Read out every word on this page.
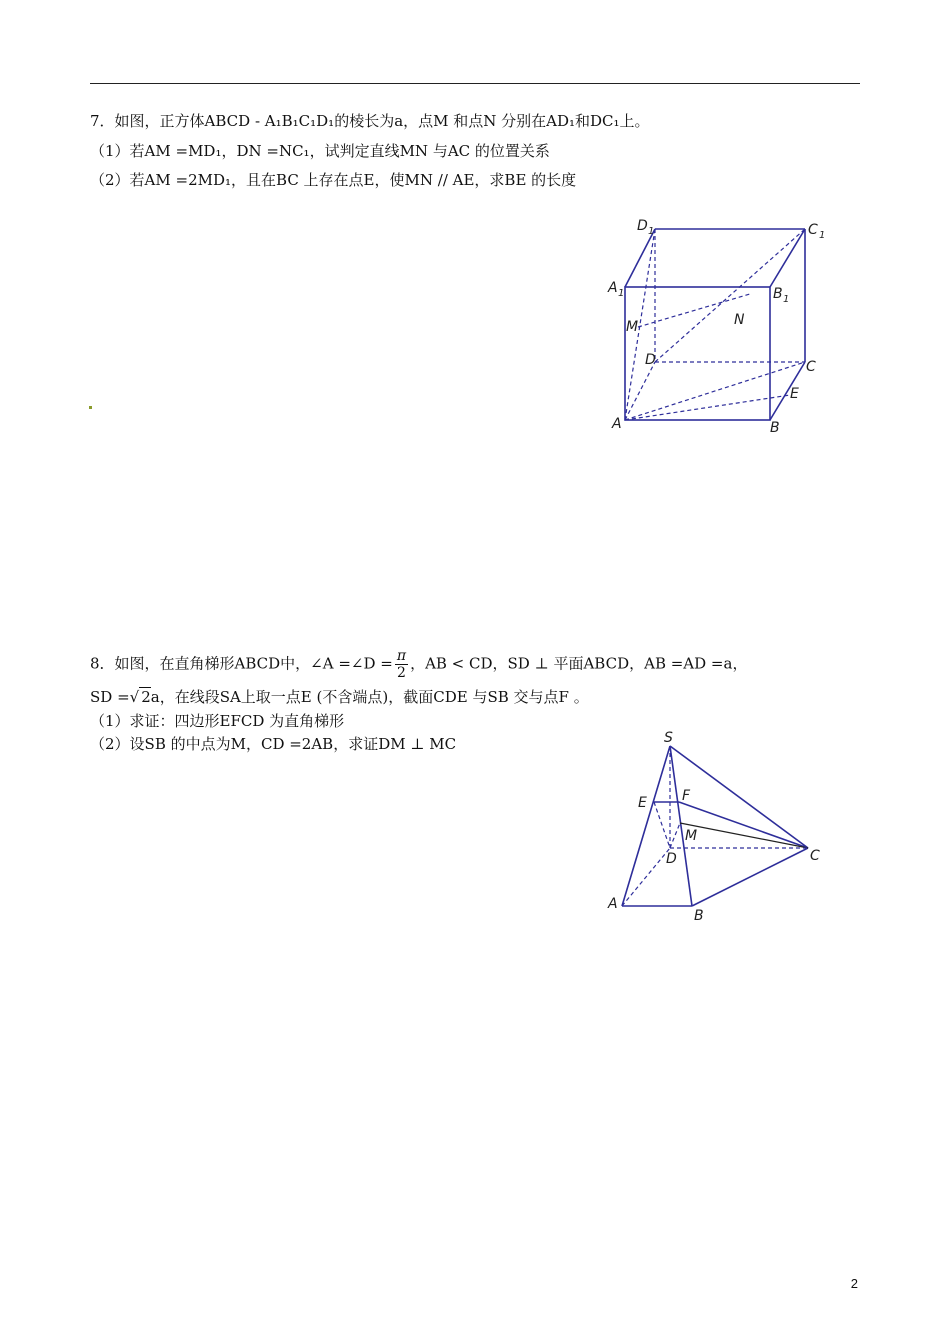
7．如图，正方体ABCD - A₁B₁C₁D₁的棱长为a，点M 和点N 分别在AD₁和DC₁上。
（1）若AM =MD₁，DN =NC₁，试判定直线MN 与AC 的位置关系
（2）若AM =2MD₁，且在BC 上存在点E，使MN // AE，求BE 的长度
D 1	C 1
A 1	B 1
M	N
D	C
E
A	B
8．如图，在直角梯形ABCD中，∠A =∠D = $\frac{\pi}{2}$ ，AB < CD，SD ⊥ 平面ABCD，AB =AD =a，
SD =√ 2a，在线段SA上取一点E (不含端点)，截面CDE 与SB 交与点F 。
（1）求证：四边形EFCD 为直角梯形
（2）设SB 的中点为M，CD =2AB，求证DM ⊥ MC	S
E	F
M
D	C
A
B
2
